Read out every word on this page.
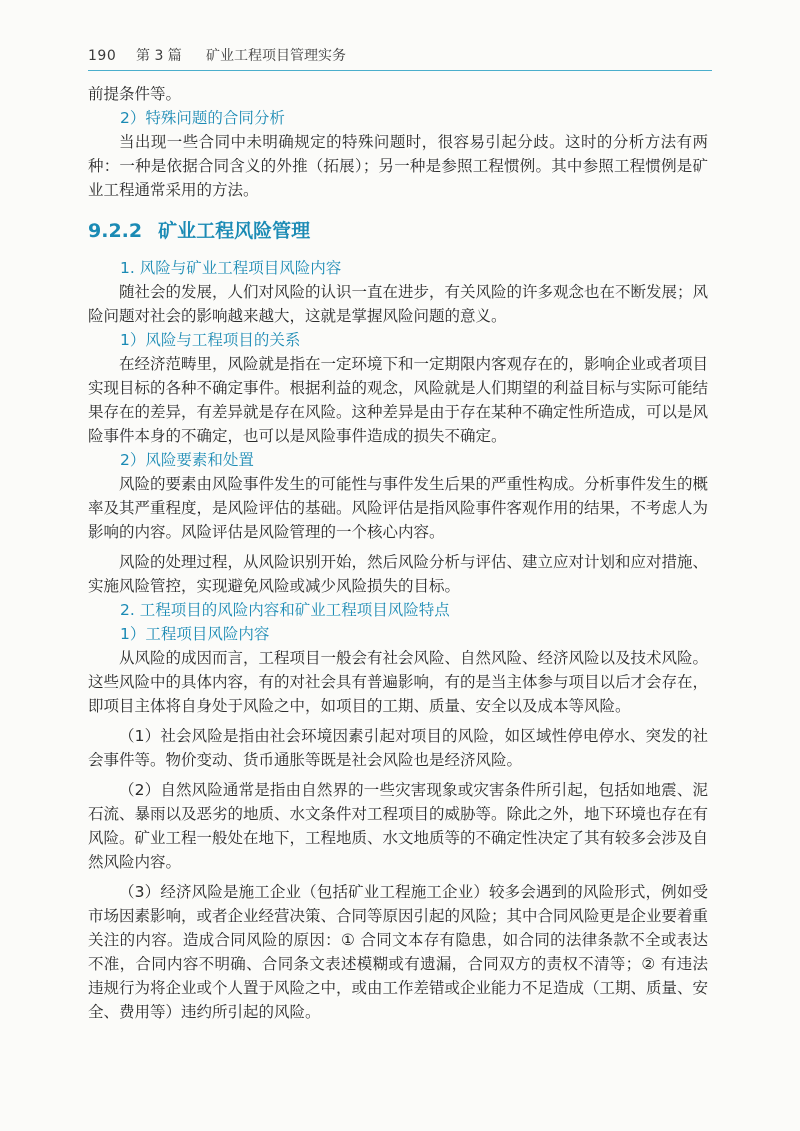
190 第 3 篇 矿业工程项目管理实务

前提条件等。

2）特殊问题的合同分析

当出现一些合同中未明确规定的特殊问题时，很容易引起分歧。这时的分析方法有两种：一种是依据合同含义的外推（拓展）；另一种是参照工程惯例。其中参照工程惯例是矿业工程通常采用的方法。

9.2.2 矿业工程风险管理
1. 风险与矿业工程项目风险内容

随社会的发展，人们对风险的认识一直在进步，有关风险的许多观念也在不断发展；风险问题对社会的影响越来越大，这就是掌握风险问题的意义。

1）风险与工程项目的关系

在经济范畴里，风险就是指在一定环境下和一定期限内客观存在的，影响企业或者项目实现目标的各种不确定事件。根据利益的观念，风险就是人们期望的利益目标与实际可能结果存在的差异，有差异就是存在风险。这种差异是由于存在某种不确定性所造成，可以是风险事件本身的不确定，也可以是风险事件造成的损失不确定。

2）风险要素和处置

风险的要素由风险事件发生的可能性与事件发生后果的严重性构成。分析事件发生的概率及其严重程度，是风险评估的基础。风险评估是指风险事件客观作用的结果，不考虑人为影响的内容。风险评估是风险管理的一个核心内容。

风险的处理过程，从风险识别开始，然后风险分析与评估、建立应对计划和应对措施、实施风险管控，实现避免风险或减少风险损失的目标。

2. 工程项目的风险内容和矿业工程项目风险特点
1）工程项目风险内容

从风险的成因而言，工程项目一般会有社会风险、自然风险、经济风险以及技术风险。这些风险中的具体内容，有的对社会具有普遍影响，有的是当主体参与项目以后才会存在，即项目主体将自身处于风险之中，如项目的工期、质量、安全以及成本等风险。

（1）社会风险是指由社会环境因素引起对项目的风险，如区域性停电停水、突发的社会事件等。物价变动、货币通胀等既是社会风险也是经济风险。

（2）自然风险通常是指由自然界的一些灾害现象或灾害条件所引起，包括如地震、泥石流、暴雨以及恶劣的地质、水文条件对工程项目的威胁等。除此之外，地下环境也存在有风险。矿业工程一般处在地下，工程地质、水文地质等的不确定性决定了其有较多会涉及自然风险内容。

（3）经济风险是施工企业（包括矿业工程施工企业）较多会遇到的风险形式，例如受市场因素影响，或者企业经营决策、合同等原因引起的风险；其中合同风险更是企业要着重关注的内容。造成合同风险的原因：① 合同文本存有隐患，如合同的法律条款不全或表达不准，合同内容不明确、合同条文表述模糊或有遗漏，合同双方的责权不清等；② 有违法违规行为将企业或个人置于风险之中，或由工作差错或企业能力不足造成（工期、质量、安全、费用等）违约所引起的风险。
